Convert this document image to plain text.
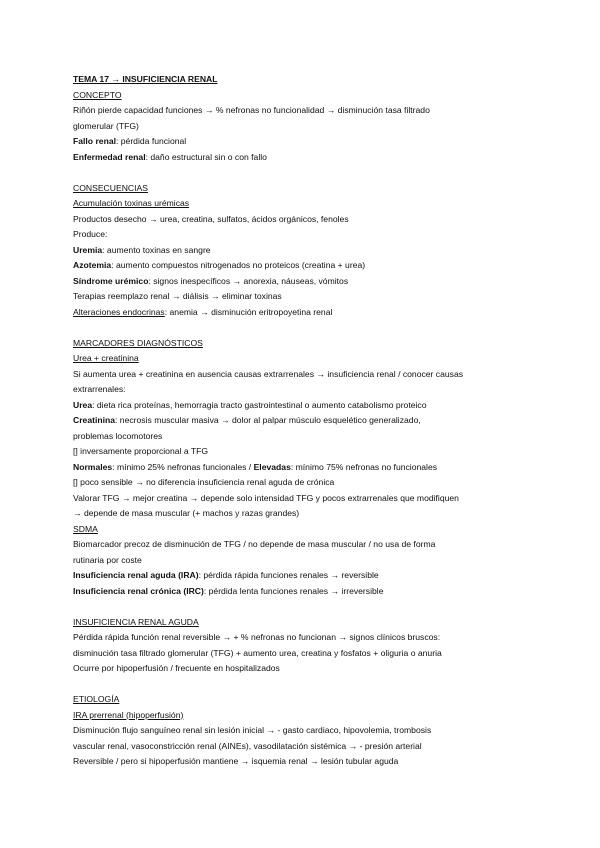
TEMA 17 → INSUFICIENCIA RENAL
CONCEPTO
Riñón pierde capacidad funciones → % nefronas no funcionalidad → disminución tasa filtrado
glomerular (TFG)
Fallo renal: pérdida funcional
Enfermedad renal: daño estructural sin o con fallo
CONSECUENCIAS
Acumulación toxinas urémicas
Productos desecho → urea, creatina, sulfatos, ácidos orgánicos, fenoles
Produce:
Uremia: aumento toxinas en sangre
Azotemia: aumento compuestos nitrogenados no proteicos (creatina + urea)
Síndrome urémico: signos inespecíficos → anorexia, náuseas, vómitos
Terapias reemplazo renal → diálisis → eliminar toxinas
Alteraciones endocrinas: anemia → disminución eritropoyetina renal
MARCADORES DIAGNÓSTICOS
Urea + creatinina
Si aumenta urea + creatinina en ausencia causas extrarrenales → insuficiencia renal / conocer causas
extrarrenales:
Urea: dieta rica proteínas, hemorragia tracto gastrointestinal o aumento catabolismo proteico
Creatinina: necrosis muscular masiva → dolor al palpar músculo esquelético generalizado,
problemas locomotores
[] inversamente proporcional a TFG
Normales: mínimo 25% nefronas funcionales / Elevadas: mínimo 75% nefronas no funcionales
[] poco sensible → no diferencia insuficiencia renal aguda de crónica
Valorar TFG → mejor creatina → depende solo intensidad TFG y pocos extrarrenales que modifiquen
→ depende de masa muscular (+ machos y razas grandes)
SDMA
Biomarcador precoz de disminución de TFG / no depende de masa muscular / no usa de forma
rutinaria por coste
Insuficiencia renal aguda (IRA): pérdida rápida funciones renales → reversible
Insuficiencia renal crónica (IRC): pérdida lenta funciones renales → irreversible
INSUFICIENCIA RENAL AGUDA
Pérdida rápida función renal reversible → + % nefronas no funcionan → signos clínicos bruscos:
disminución tasa filtrado glomerular (TFG) + aumento urea, creatina y fosfatos + oliguria o anuria
Ocurre por hipoperfusión / frecuente en hospitalizados
ETIOLOGÍA
IRA prerrenal (hipoperfusión)
Disminución flujo sanguíneo renal sin lesión inicial → - gasto cardiaco, hipovolemia, trombosis
vascular renal, vasoconstricción renal (AINEs), vasodilatación sistémica → - presión arterial
Reversible / pero si hipoperfusión mantiene → isquemia renal → lesión tubular aguda
